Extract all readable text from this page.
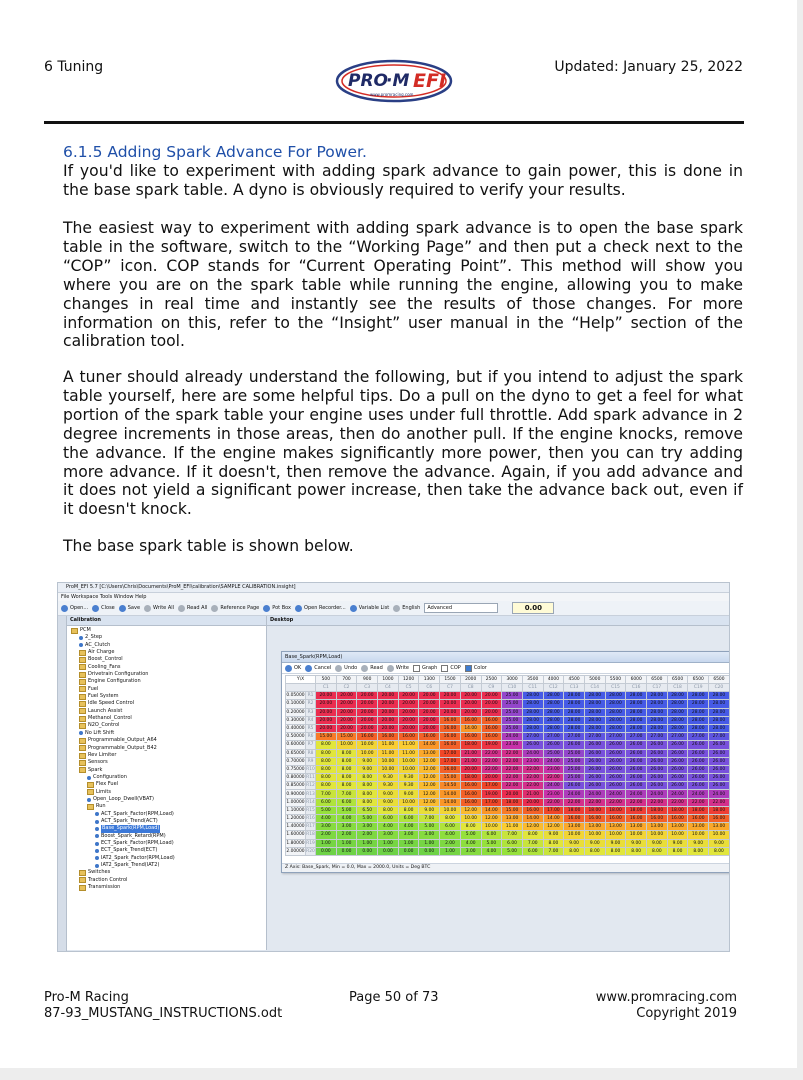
6 Tuning
PRO
·M EFI
www.promracing.com
Updated: January 25, 2022
6.1.5 Adding Spark Advance For Power.
If you'd like to experiment with adding spark advance to gain power, this is done in the base spark table. A dyno is obviously required to verify your results.
The easiest way to experiment with adding spark advance is to open the base spark table in the software, switch to the “Working Page” and then put a check next to the “COP” icon. COP stands for “Current Operating Point”. This method will show you where you are on the spark table while running the engine, allowing you to make changes in real time and instantly see the results of those changes. For more information on this, refer to the “Insight” user manual in the “Help” section of the calibration tool.
A tuner should already understand the following, but if you intend to adjust the spark table yourself, here are some helpful tips. Do a pull on the dyno to get a feel for what portion of the spark table your engine uses under full throttle. Add spark advance in 2 degree increments in those areas, then do another pull. If the engine knocks, remove the advance. If the engine makes significantly more power, then you can try adding more advance. If it doesn't, then remove the advance. Again, if you add advance and it does not yield a significant power increase, then take the advance back out, even if it doesn't knock.
The base spark table is shown below.
ProM_EFI 5.7 [C:\Users\Chris\Documents\ProM_EFI\calibration\SAMPLE CALIBRATION.insight]
File Workspace Tools Window Help
Open...	Close	Save	Write All	Read All	Reference Page	Pot Box	Open Recorder...	Variable List	English	Advanced	0.00
Calibration
PCM
2_Step
AC_Clutch
Air Charge
Boost_Control
Cooling_Fans
Drivetrain Configuration
Engine Configuration
Fuel
Fuel System
Idle Speed Control
Launch Assist
Methanol_Control
N2O_Control
No Lift Shift
Programmable_Output_A64
Programmable_Output_B42
Rev Limiter
Sensors
Spark
Configuration
Flex Fuel
Limits
Open_Loop_Dwell(VBAT)
Run
ACT_Spark_Factor(RPM,Load)
ACT_Spark_Trend(ACT)
Base_Spark(RPM,Load)
Boost_Spark_Retard(RPM)
ECT_Spark_Factor(RPM,Load)
ECT_Spark_Trend(ECT)
IAT2_Spark_Factor(RPM,Load)
IAT2_Spark_Trend(IAT2)
Switches
Traction Control
Transmission
Desktop
Base_Spark(RPM,Load)
OK	Cancel	Undo	Read	Write	Graph	COP	Color
Y\X		500	700	900	1000	1200	1300	1500	2000	2500	3000	3500	4000	4500	5000	5500	6000	6500	6500	6500	6500
		C1	C2	C3	C4	C5	C6	C7	C8	C9	C10	C11	C12	C13	C14	C15	C16	C17	C18	C19	C20
0.05000	R1	20.00	20.00	20.00	20.00	20.00	20.00	20.00	20.00	20.00	25.00	28.00	28.00	28.00	28.00	28.00	28.00	28.00	28.00	28.00	28.00
0.10000	R2	20.00	20.00	20.00	20.00	20.00	20.00	20.00	20.00	20.00	25.00	28.00	28.00	28.00	28.00	28.00	28.00	28.00	28.00	28.00	28.00
0.20000	R3	20.00	20.00	20.00	20.00	20.00	20.00	20.00	20.00	20.00	25.00	28.00	28.00	28.00	28.00	28.00	28.00	28.00	28.00	28.00	28.00
0.30000	R4	20.00	20.00	20.00	20.00	20.00	20.00	16.00	16.00	16.00	25.00	28.00	28.00	28.00	28.00	28.00	28.00	28.00	28.00	28.00	28.00
0.40000	R5	20.00	20.00	20.00	20.00	20.00	20.00	16.00	14.00	16.00	25.00	28.00	28.00	28.00	28.00	28.00	28.00	28.00	28.00	28.00	28.00
0.50000	R6	15.00	15.00	16.00	16.00	16.00	16.00	16.00	16.00	16.00	24.00	27.00	27.00	27.00	27.00	27.00	27.00	27.00	27.00	27.00	27.00
0.60000	R7	8.00	10.00	10.00	11.00	11.00	14.00	16.00	18.00	19.00	23.00	26.00	26.00	26.00	26.00	26.00	26.00	26.00	26.00	26.00	26.00
0.65000	R8	8.00	8.00	10.00	11.00	11.00	13.00	17.00	21.00	22.00	22.00	24.00	25.00	25.00	26.00	26.00	26.00	26.00	26.00	26.00	26.00
0.70000	R9	8.00	8.00	9.00	10.00	10.00	12.00	17.00	21.00	22.00	22.00	23.00	24.00	25.00	26.00	26.00	26.00	26.00	26.00	26.00	26.00
0.75000	R10	8.00	8.00	9.00	10.00	10.00	12.00	16.00	20.00	22.00	22.00	22.00	23.00	25.00	26.00	26.00	26.00	26.00	26.00	26.00	26.00
0.80000	R11	8.00	8.00	8.00	9.30	9.30	12.00	15.00	18.00	20.00	22.00	22.00	22.00	25.00	26.00	26.00	26.00	26.00	26.00	26.00	26.00
0.85000	R12	8.00	8.00	8.00	9.30	9.30	12.00	14.50	16.00	17.00	22.00	22.00	24.00	26.00	26.00	26.00	26.00	26.00	26.00	26.00	26.00
0.90000	R13	7.00	7.00	8.00	9.00	9.00	12.00	14.00	16.00	19.00	20.00	21.00	23.00	24.00	24.00	24.00	24.00	24.00	24.00	24.00	24.00
1.00000	R14	6.00	6.00	8.00	9.00	10.00	12.00	14.00	16.00	17.00	18.00	20.00	22.00	22.00	22.00	22.00	22.00	22.00	22.00	22.00	22.00
1.10000	R15	5.00	5.00	6.50	8.00	8.00	9.00	10.00	12.00	14.00	15.00	16.00	17.00	18.00	18.00	18.00	18.00	18.00	18.00	18.00	18.00
1.20000	R16	4.00	4.00	5.00	6.00	6.00	7.00	8.00	10.00	12.00	13.00	14.00	14.00	16.00	16.00	16.00	16.00	16.00	16.00	16.00	16.00
1.40000	R17	3.00	3.00	3.00	4.00	4.00	5.00	6.00	8.00	10.00	11.00	12.00	12.00	13.00	13.00	13.00	13.00	13.00	13.00	13.00	13.00
1.60000	R18	2.00	2.00	2.00	3.00	3.00	3.00	4.00	5.00	6.00	7.00	8.00	9.00	10.00	10.00	10.00	10.00	10.00	10.00	10.00	10.00
1.80000	R19	1.00	1.00	1.00	1.00	1.00	1.00	2.00	4.00	5.00	6.00	7.00	8.00	9.00	9.00	9.00	9.00	9.00	9.00	9.00	9.00
2.00000	R20	0.00	0.00	0.00	0.00	0.00	0.00	1.00	3.00	4.00	5.00	6.00	7.00	8.00	8.00	8.00	8.00	8.00	8.00	8.00	8.00
Z Axis: Base_Spark, Min = 0.0, Max = 2000.0, Units = Deg BTC
Pro-M Racing
87-93_MUSTANG_INSTRUCTIONS.odt
Page 50 of 73	www.promracing.com
Copyright 2019
